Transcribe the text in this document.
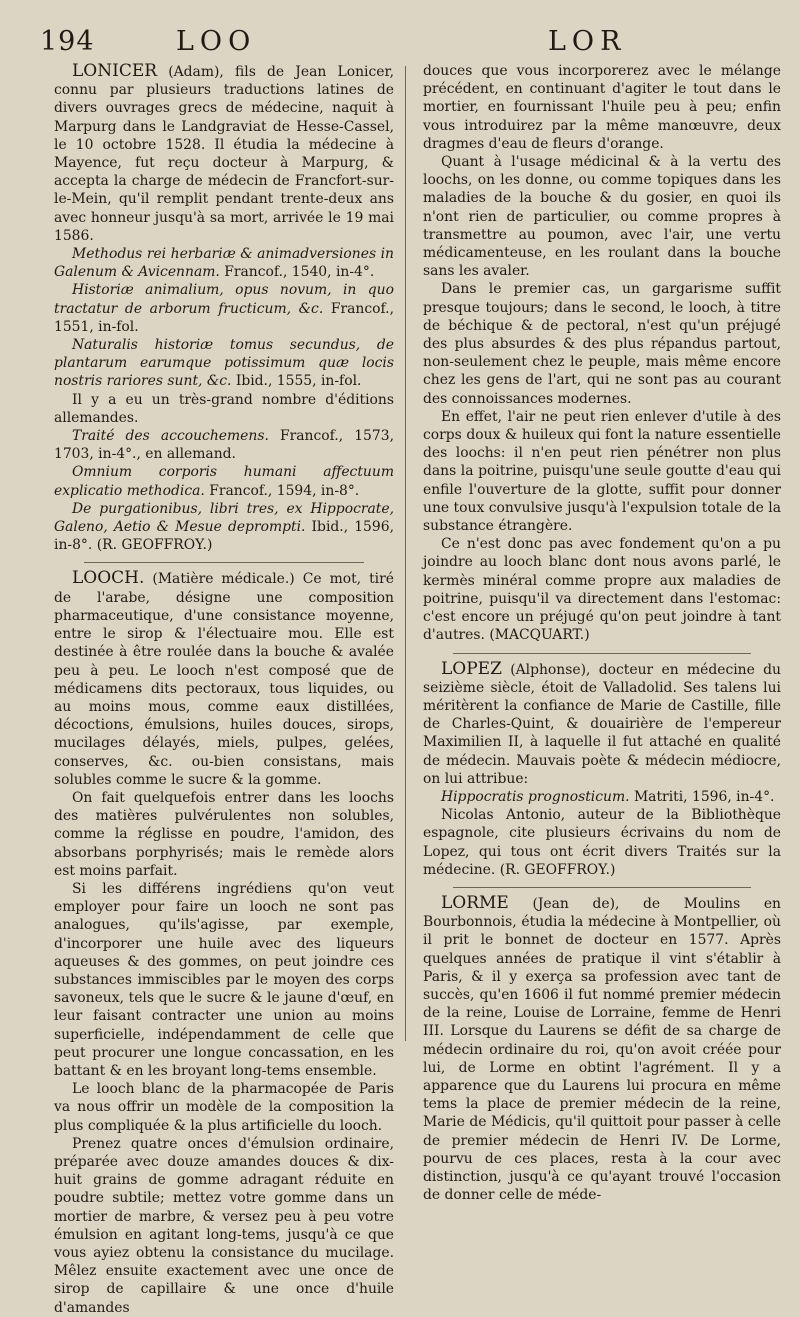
194	LOO	LOR

LONICER (Adam), fils de Jean Lonicer, connu par plusieurs traductions latines de divers ouvrages grecs de médecine, naquit à Marpurg dans le Landgraviat de Hesse-Cassel, le 10 octobre 1528. Il étudia la médecine à Mayence, fut reçu docteur à Marpurg, & accepta la charge de médecin de Francfort-sur-le-Mein, qu'il remplit pendant trente-deux ans avec honneur jusqu'à sa mort, arrivée le 19 mai 1586.

Methodus rei herbariæ & animadversiones in Galenum & Avicennam. Francof., 1540, in-4°.

Historiæ animalium, opus novum, in quo tractatur de arborum fructicum, &c. Francof., 1551, in-fol.

Naturalis historiæ tomus secundus, de plantarum earumque potissimum quæ locis nostris rariores sunt, &c. Ibid., 1555, in-fol.

Il y a eu un très-grand nombre d'éditions allemandes.

Traité des accouchemens. Francof., 1573, 1703, in-4°., en allemand.

Omnium corporis humani affectuum explicatio methodica. Francof., 1594, in-8°.

De purgationibus, libri tres, ex Hippocrate, Galeno, Aetio & Mesue deprompti. Ibid., 1596, in-8°. (R. GEOFFROY.)

LOOCH. (Matière médicale.) Ce mot, tiré de l'arabe, désigne une composition pharmaceutique, d'une consistance moyenne, entre le sirop & l'électuaire mou. Elle est destinée à être roulée dans la bouche & avalée peu à peu. Le looch n'est composé que de médicamens dits pectoraux, tous liquides, ou au moins mous, comme eaux distillées, décoctions, émulsions, huiles douces, sirops, mucilages délayés, miels, pulpes, gelées, conserves, &c. ou-bien consistans, mais solubles comme le sucre & la gomme.

On fait quelquefois entrer dans les loochs des matières pulvérulentes non solubles, comme la réglisse en poudre, l'amidon, des absorbans porphyrisés; mais le remède alors est moins parfait.

Si les différens ingrédiens qu'on veut employer pour faire un looch ne sont pas analogues, qu'ils'agisse, par exemple, d'incorporer une huile avec des liqueurs aqueuses & des gommes, on peut joindre ces substances immiscibles par le moyen des corps savoneux, tels que le sucre & le jaune d'œuf, en leur faisant contracter une union au moins superficielle, indépendamment de celle que peut procurer une longue concassation, en les battant & en les broyant long-tems ensemble.

Le looch blanc de la pharmacopée de Paris va nous offrir un modèle de la composition la plus compliquée & la plus artificielle du looch.

Prenez quatre onces d'émulsion ordinaire, préparée avec douze amandes douces & dix-huit grains de gomme adragant réduite en poudre subtile; mettez votre gomme dans un mortier de marbre, & versez peu à peu votre émulsion en agitant long-tems, jusqu'à ce que vous ayiez obtenu la consistance du mucilage. Mêlez ensuite exactement avec une once de sirop de capillaire & une once d'huile d'amandes

douces que vous incorporerez avec le mélange précédent, en continuant d'agiter le tout dans le mortier, en fournissant l'huile peu à peu; enfin vous introduirez par la même manœuvre, deux dragmes d'eau de fleurs d'orange.

Quant à l'usage médicinal & à la vertu des loochs, on les donne, ou comme topiques dans les maladies de la bouche & du gosier, en quoi ils n'ont rien de particulier, ou comme propres à transmettre au poumon, avec l'air, une vertu médicamenteuse, en les roulant dans la bouche sans les avaler.

Dans le premier cas, un gargarisme suffit presque toujours; dans le second, le looch, à titre de béchique & de pectoral, n'est qu'un préjugé des plus absurdes & des plus répandus partout, non-seulement chez le peuple, mais même encore chez les gens de l'art, qui ne sont pas au courant des connoissances modernes.

En effet, l'air ne peut rien enlever d'utile à des corps doux & huileux qui font la nature essentielle des loochs: il n'en peut rien pénétrer non plus dans la poitrine, puisqu'une seule goutte d'eau qui enfile l'ouverture de la glotte, suffit pour donner une toux convulsive jusqu'à l'expulsion totale de la substance étrangère.

Ce n'est donc pas avec fondement qu'on a pu joindre au looch blanc dont nous avons parlé, le kermès minéral comme propre aux maladies de poitrine, puisqu'il va directement dans l'estomac: c'est encore un préjugé qu'on peut joindre à tant d'autres. (MACQUART.)

LOPEZ (Alphonse), docteur en médecine du seizième siècle, étoit de Valladolid. Ses talens lui méritèrent la confiance de Marie de Castille, fille de Charles-Quint, & douairière de l'empereur Maximilien II, à laquelle il fut attaché en qualité de médecin. Mauvais poète & médecin médiocre, on lui attribue:

Hippocratis prognosticum. Matriti, 1596, in-4°.

Nicolas Antonio, auteur de la Bibliothèque espagnole, cite plusieurs écrivains du nom de Lopez, qui tous ont écrit divers Traités sur la médecine. (R. GEOFFROY.)

LORME (Jean de), de Moulins en Bourbonnois, étudia la médecine à Montpellier, où il prit le bonnet de docteur en 1577. Après quelques années de pratique il vint s'établir à Paris, & il y exerça sa profession avec tant de succès, qu'en 1606 il fut nommé premier médecin de la reine, Louise de Lorraine, femme de Henri III. Lorsque du Laurens se défit de sa charge de médecin ordinaire du roi, qu'on avoit créée pour lui, de Lorme en obtint l'agrément. Il y a apparence que du Laurens lui procura en même tems la place de premier médecin de la reine, Marie de Médicis, qu'il quittoit pour passer à celle de premier médecin de Henri IV. De Lorme, pourvu de ces places, resta à la cour avec distinction, jusqu'à ce qu'ayant trouvé l'occasion de donner celle de méde-
